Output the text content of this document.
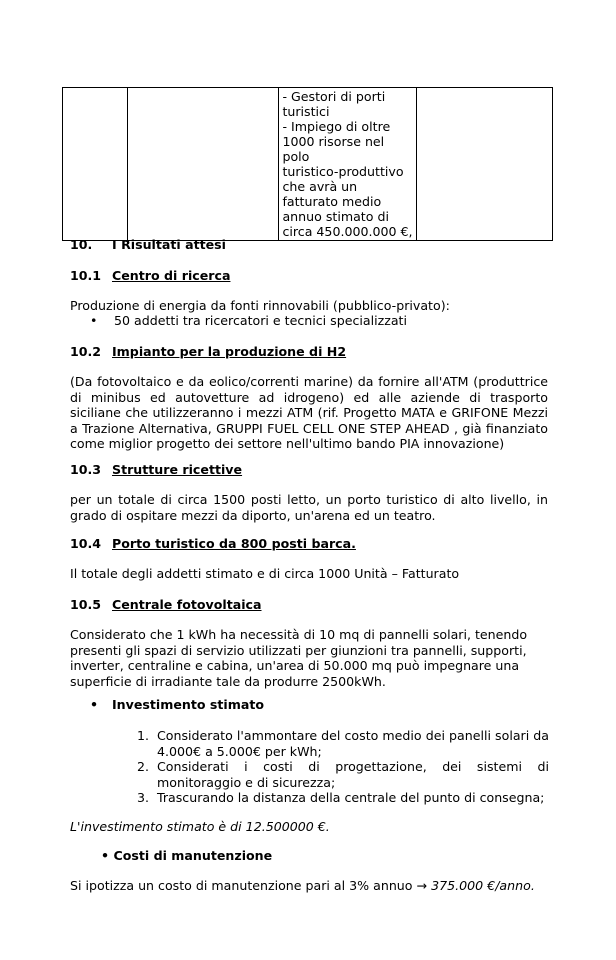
- Gestori di porti
turistici
- Impiego di oltre
1000 risorse nel polo
turistico-produttivo
che avrà un
fatturato medio
annuo stimato di
circa 450.000.000 €,

10. I Risultati attesi
10.1 Centro di ricerca
Produzione di energia da fonti rinnovabili (pubblico-privato):
•	50 addetti tra ricercatori e tecnici specializzati
10.2 Impianto per la produzione di H2
(Da fotovoltaico e da eolico/correnti marine) da fornire all'ATM (produttrice di minibus ed autovetture ad idrogeno) ed alle aziende di trasporto siciliane che utilizzeranno i mezzi ATM (rif. Progetto MATA e GRIFONE Mezzi a Trazione Alternativa, GRUPPI FUEL CELL ONE STEP AHEAD , già finanziato come miglior progetto dei settore nell'ultimo bando PIA innovazione)
10.3 Strutture ricettive
per un totale di circa 1500 posti letto, un porto turistico di alto livello, in grado di ospitare mezzi da diporto, un'arena ed un teatro.
10.4 Porto turistico da 800 posti barca.
Il totale degli addetti stimato e di circa 1000 Unità – Fatturato
10.5 Centrale fotovoltaica
Considerato che 1 kWh ha necessità di 10 mq di pannelli solari, tenendo
presenti gli spazi di servizio utilizzati per giunzioni tra pannelli, supporti,
inverter, centraline e cabina, un'area di 50.000 mq può impegnare una
superficie di irradiante tale da produrre 2500kWh.
• Investimento stimato
1. Considerato l'ammontare del costo medio dei panelli solari da 4.000€ a 5.000€ per kWh;
2. Considerati i costi di progettazione, dei sistemi di monitoraggio e di sicurezza;
3. Trascurando la distanza della centrale del punto di consegna;
L'investimento stimato è di 12.500000 €.
• Costi di manutenzione
Si ipotizza un costo di manutenzione pari al 3% annuo → 375.000 €/anno.
